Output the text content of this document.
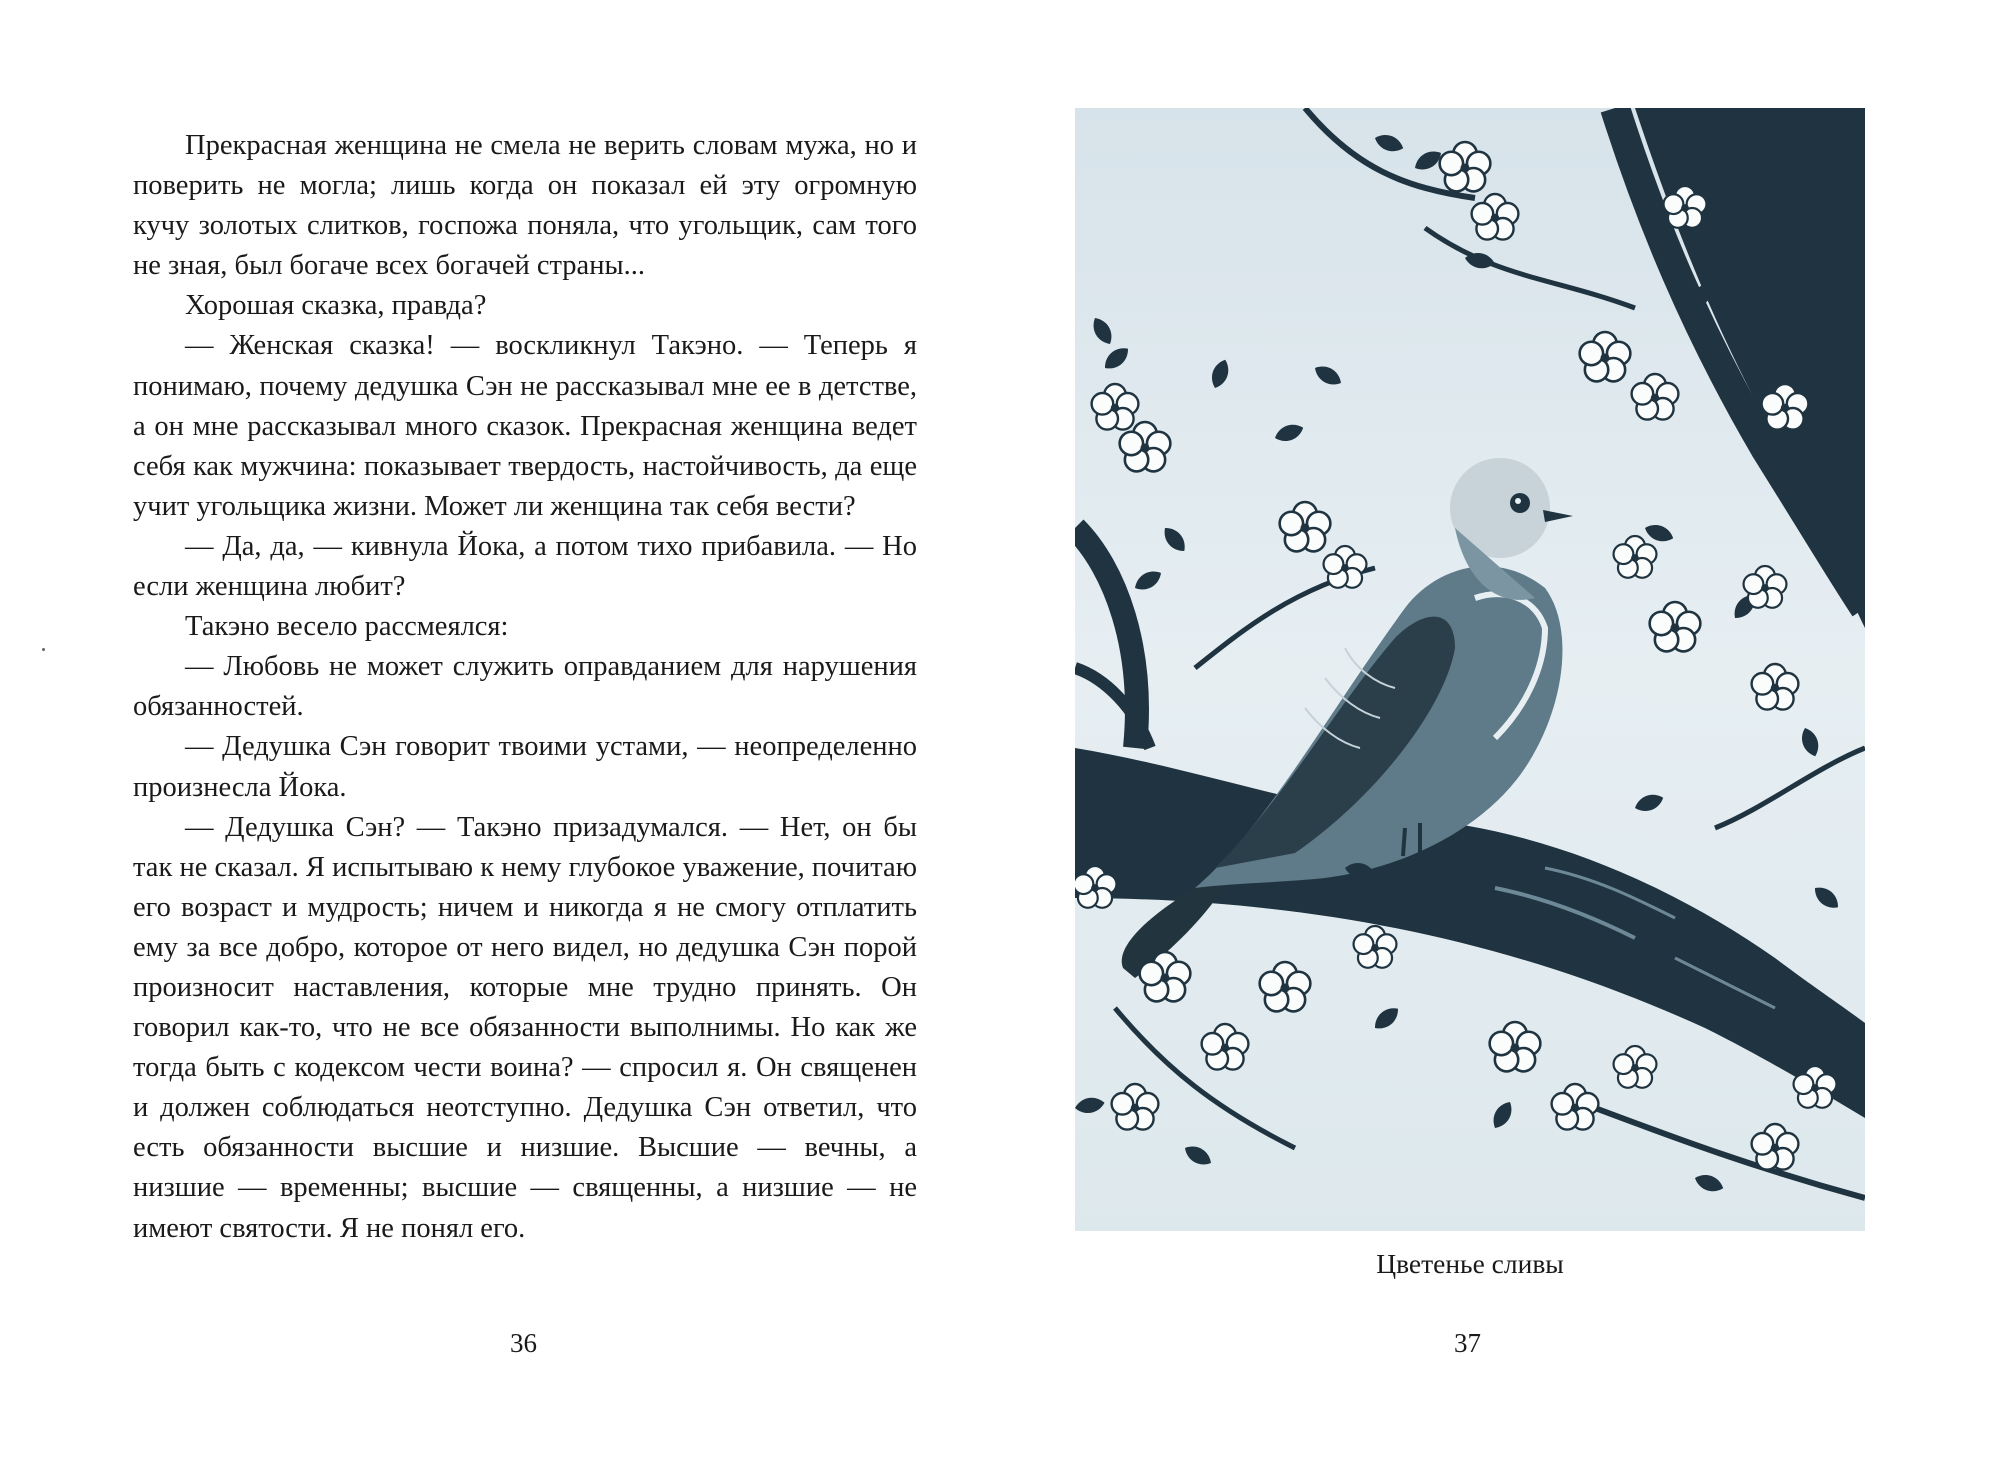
Прекрасная женщина не смела не верить словам мужа, но и поверить не могла; лишь когда он показал ей эту огромную кучу золотых слитков, госпожа поняла, что угольщик, сам того не зная, был богаче всех богачей страны...

Хорошая сказка, правда?

— Женская сказка! — воскликнул Такэно. — Теперь я понимаю, почему дедушка Сэн не рассказывал мне ее в детстве, а он мне рассказывал много сказок. Прекрасная женщина ведет себя как мужчина: показывает твердость, настойчивость, да еще учит угольщика жизни. Может ли женщина так себя вести?

— Да, да, — кивнула Йока, а потом тихо прибавила. — Но если женщина любит?

Такэно весело рассмеялся:

— Любовь не может служить оправданием для нарушения обязанностей.

— Дедушка Сэн говорит твоими устами, — неопределенно произнесла Йока.

— Дедушка Сэн? — Такэно призадумался. — Нет, он бы так не сказал. Я испытываю к нему глубокое уважение, почитаю его возраст и мудрость; ничем и никогда я не смогу отплатить ему за все добро, которое от него видел, но дедушка Сэн порой произносит наставления, которые мне трудно принять. Он говорил как-то, что не все обязанности выполнимы. Но как же тогда быть с кодексом чести воина? — спросил я. Он священен и должен соблюдаться неотступно. Дедушка Сэн ответил, что есть обязанности высшие и низшие. Высшие — вечны, а низшие — временны; высшие — священны, а низшие — не имеют святости. Я не понял его.

36
Цветенье сливы
37
